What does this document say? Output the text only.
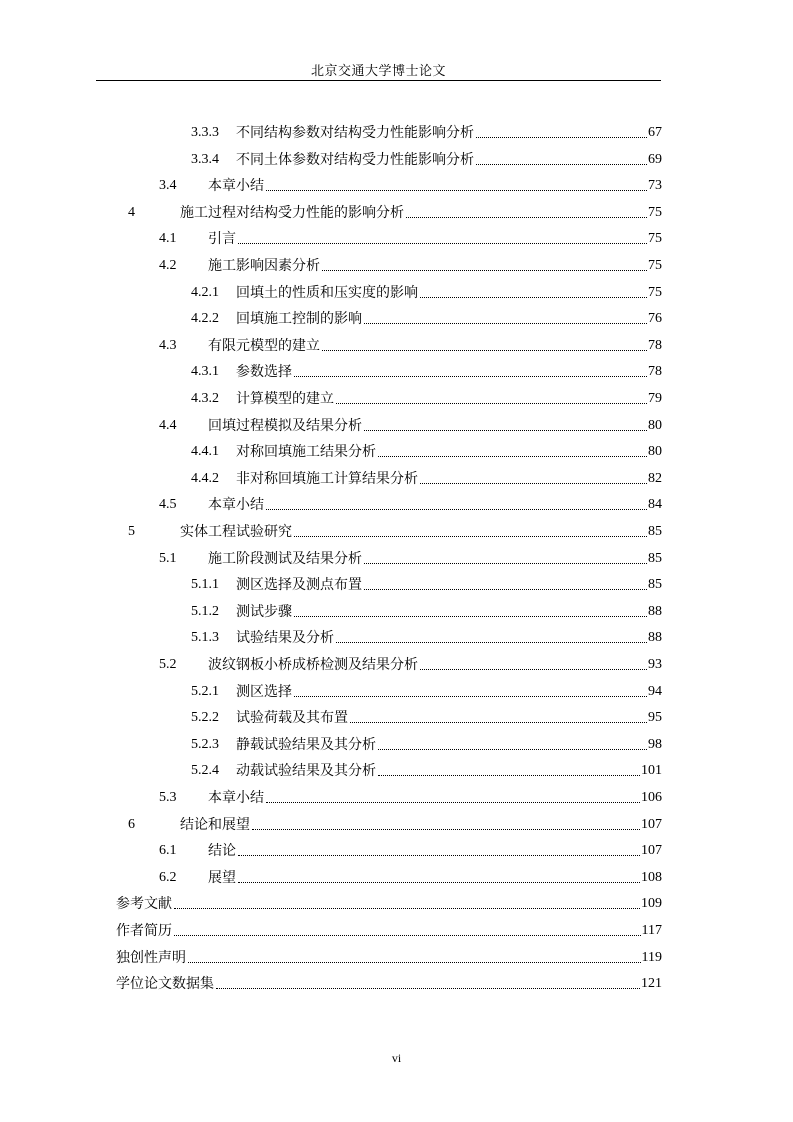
北京交通大学博士论文
3.3.3	不同结构参数对结构受力性能影响分析	67
3.3.4	不同土体参数对结构受力性能影响分析	69
3.4	本章小结	73
4	施工过程对结构受力性能的影响分析	75
4.1	引言	75
4.2	施工影响因素分析	75
4.2.1	回填土的性质和压实度的影响	75
4.2.2	回填施工控制的影响	76
4.3	有限元模型的建立	78
4.3.1	参数选择	78
4.3.2	计算模型的建立	79
4.4	回填过程模拟及结果分析	80
4.4.1	对称回填施工结果分析	80
4.4.2	非对称回填施工计算结果分析	82
4.5	本章小结	84
5	实体工程试验研究	85
5.1	施工阶段测试及结果分析	85
5.1.1	测区选择及测点布置	85
5.1.2	测试步骤	88
5.1.3	试验结果及分析	88
5.2	波纹钢板小桥成桥检测及结果分析	93
5.2.1	测区选择	94
5.2.2	试验荷载及其布置	95
5.2.3	静载试验结果及其分析	98
5.2.4	动载试验结果及其分析	101
5.3	本章小结	106
6	结论和展望	107
6.1	结论	107
6.2	展望	108
参考文献	109
作者简历	117
独创性声明	119
学位论文数据集	121
vi
